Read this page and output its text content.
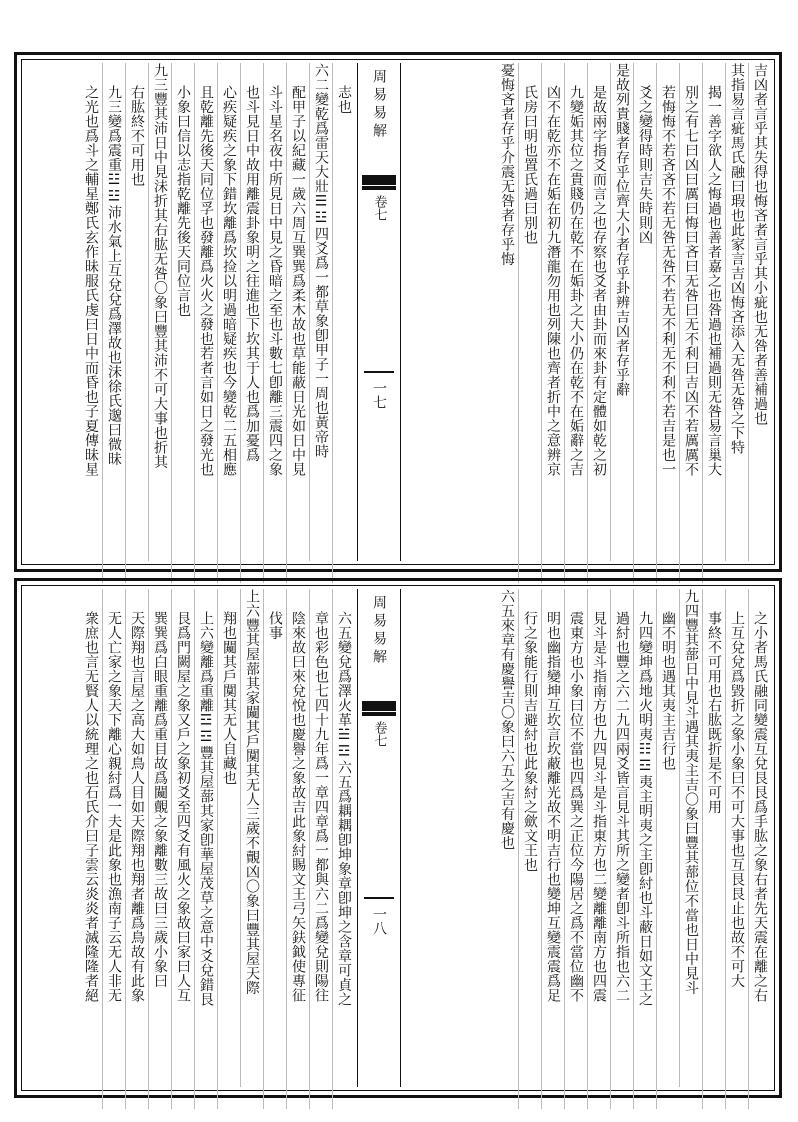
吉凶者言乎其失得也悔吝者言乎其小疵也无咎者善補過也
其指易言疵馬氏融曰瑕也此家言吉凶悔吝添入无咎无咎之下特
揭一善字欲人之悔過也善者嘉之也咎過也補過則无咎易言巢大
別之有七曰凶曰厲曰悔曰吝曰无咎曰无不利曰吉凶不若厲厲不
若悔悔不若吝吝不若无咎无咎不若无不利无不利不若吉是也一
爻之變得時則吉失時則凶
是故列貴賤者存乎位齊大小者存乎卦辨吉凶者存乎辭
是故兩字指爻而言之也存察也爻者由卦而來卦有定體如乾之初
九變姤其位之貴賤仍在乾不在姤卦之大小仍在乾不在姤辭之吉
凶不在乾亦不在姤在初九潛龍勿用也列陳也齊者折中之意辨京
氏房曰明也置氏過曰別也
憂悔吝者存乎介震无咎者存乎悔
周易易解
卷七
一七
志也
六二變乾爲雷天大壯☰☳四爻爲一都草象卽甲子一周也黃帝時
配甲子以紀藏一歲六周互巽巽爲柔木故也草能蔽日光如日中見
斗斗星名夜中所見日中見之昏暗之至也斗數七卽離三震四之象
也斗見日中故用離震卦象明之往進也下坎其于人也爲加憂爲
心疾疑疾之象下錯坎離爲坎捡以明過暗疑疾也今變乾二五相應
且乾離先後天同位孚也發離爲火火之發也若者言如日之發光也
小象曰信以志指乾離先後天同位言也
九三豐其沛日中見沬折其右肱无咎〇象曰豐其沛不可大事也折其
右肱終不可用也
九三變爲震重☳☳沛水氣上互兌兌爲澤故也沬徐氏邈曰微昧
之光也爲斗之輔星鄭氏玄作昧服氏虔曰日中而昏也子夏傳昧星
之小者馬氏融同變震互兌艮艮爲手肱之象右者先天震在離之右
上互兌兌爲毀折之象小象曰不可大事也互艮艮止也故不可大
事終不可用也右肱既折是不可用
九四豐其蔀日中見斗遇其夷主吉〇象曰豐其蔀位不當也日中見斗
幽不明也遇其夷主吉行也
九四變坤爲地火明夷☷☲夷主明夷之主卽紂也斗蔽日如文王之
過紂也豐之六二九四兩爻皆言見斗其所之變者卽斗所指也六二
見斗是斗指南方也九四見斗是斗指東方也二變離離南方也四震
震東方也小象曰位不當也四爲巽之正位今陽居之爲不當位幽不
明也幽指變坤互坎言坎蔽離光故不明吉行也變坤互變震震爲足
行之象能行則吉避紂也此象紂之歛文王也
六五來章有慶譽吉〇象曰六五之吉有慶也
周易易解
卷七
一八
六五變兌爲澤火革☱☲六五爲耦耦卽坤象章卽坤之含章可貞之
章也彩色也七四十九年爲一章四章爲一都與六二爲變兌則陽往
陰來故曰來兌悅也慶譽之象故吉此象紂賜文王弓矢鈇鉞使專征
伐事
上六豐其屋蔀其家闚其戶闃其无人三歲不覿凶〇象曰豐其屋天際
翔也闚其戶闃其无人自藏也
上六變離爲重離☲☲豐其屋蔀其家卽華屋茂草之意中爻兌錯艮
艮爲門闕屋之象又戶之象初爻至四爻有風火之象故曰家曰人互
巽巽爲白眼重離爲重目故爲闚覿之象離數三故曰三歲小象曰
天際翔也言屋之高大如鳥人目如天際翔也翔者離爲鳥故有此象
无人亡家之象天下離心親紂爲一夫是此象也漁南子云无人非无
衆庶也言无賢人以統理之也石氏介曰子雲云炎炎者滅隆隆者絕
